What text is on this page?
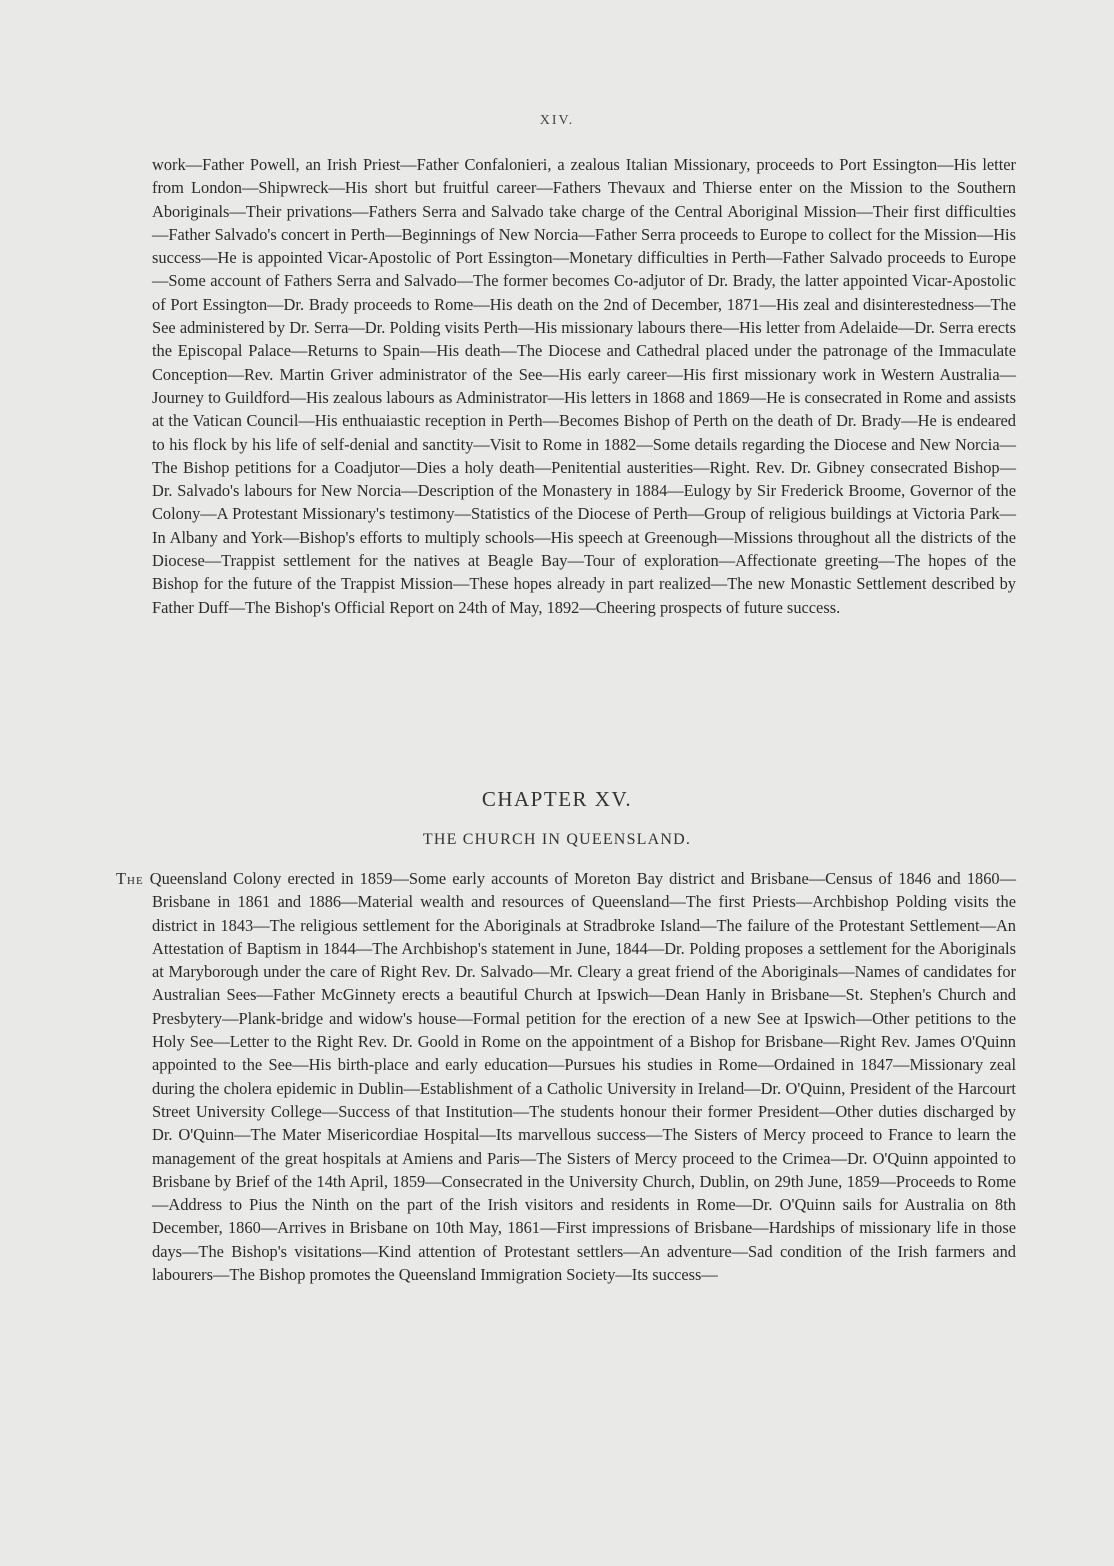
XIV.
work—Father Powell, an Irish Priest—Father Confalonieri, a zealous Italian Missionary, proceeds to Port Essington—His letter from London—Shipwreck—His short but fruitful career—Fathers Thevaux and Thierse enter on the Mission to the Southern Aboriginals—Their privations—Fathers Serra and Salvado take charge of the Central Aboriginal Mission—Their first difficulties—Father Salvado's concert in Perth—Beginnings of New Norcia—Father Serra proceeds to Europe to collect for the Mission—His success—He is appointed Vicar-Apostolic of Port Essington—Monetary difficulties in Perth—Father Salvado proceeds to Europe—Some account of Fathers Serra and Salvado—The former becomes Co-adjutor of Dr. Brady, the latter appointed Vicar-Apostolic of Port Essington—Dr. Brady proceeds to Rome—His death on the 2nd of December, 1871—His zeal and disinterestedness—The See administered by Dr. Serra—Dr. Polding visits Perth—His missionary labours there—His letter from Adelaide—Dr. Serra erects the Episcopal Palace—Returns to Spain—His death—The Diocese and Cathedral placed under the patronage of the Immaculate Conception—Rev. Martin Griver administrator of the See—His early career—His first missionary work in Western Australia—Journey to Guildford—His zealous labours as Administrator—His letters in 1868 and 1869—He is consecrated in Rome and assists at the Vatican Council—His enthuaiastic reception in Perth—Becomes Bishop of Perth on the death of Dr. Brady—He is endeared to his flock by his life of self-denial and sanctity—Visit to Rome in 1882—Some details regarding the Diocese and New Norcia—The Bishop petitions for a Coadjutor—Dies a holy death—Penitential austerities—Right. Rev. Dr. Gibney consecrated Bishop—Dr. Salvado's labours for New Norcia—Description of the Monastery in 1884—Eulogy by Sir Frederick Broome, Governor of the Colony—A Protestant Missionary's testimony—Statistics of the Diocese of Perth—Group of religious buildings at Victoria Park—In Albany and York—Bishop's efforts to multiply schools—His speech at Greenough—Missions throughout all the districts of the Diocese—Trappist settlement for the natives at Beagle Bay—Tour of exploration—Affectionate greeting—The hopes of the Bishop for the future of the Trappist Mission—These hopes already in part realized—The new Monastic Settlement described by Father Duff—The Bishop's Official Report on 24th of May, 1892—Cheering prospects of future success.
CHAPTER XV.
THE CHURCH IN QUEENSLAND.
The Queensland Colony erected in 1859—Some early accounts of Moreton Bay district and Brisbane—Census of 1846 and 1860—Brisbane in 1861 and 1886—Material wealth and resources of Queensland—The first Priests—Archbishop Polding visits the district in 1843—The religious settlement for the Aboriginals at Stradbroke Island—The failure of the Protestant Settlement—An Attestation of Baptism in 1844—The Archbishop's statement in June, 1844—Dr. Polding proposes a settlement for the Aboriginals at Maryborough under the care of Right Rev. Dr. Salvado—Mr. Cleary a great friend of the Aboriginals—Names of candidates for Australian Sees—Father McGinnety erects a beautiful Church at Ipswich—Dean Hanly in Brisbane—St. Stephen's Church and Presbytery—Plank-bridge and widow's house—Formal petition for the erection of a new See at Ipswich—Other petitions to the Holy See—Letter to the Right Rev. Dr. Goold in Rome on the appointment of a Bishop for Brisbane—Right Rev. James O'Quinn appointed to the See—His birth-place and early education—Pursues his studies in Rome—Ordained in 1847—Missionary zeal during the cholera epidemic in Dublin—Establishment of a Catholic University in Ireland—Dr. O'Quinn, President of the Harcourt Street University College—Success of that Institution—The students honour their former President—Other duties discharged by Dr. O'Quinn—The Mater Misericordiae Hospital—Its marvellous success—The Sisters of Mercy proceed to France to learn the management of the great hospitals at Amiens and Paris—The Sisters of Mercy proceed to the Crimea—Dr. O'Quinn appointed to Brisbane by Brief of the 14th April, 1859—Consecrated in the University Church, Dublin, on 29th June, 1859—Proceeds to Rome—Address to Pius the Ninth on the part of the Irish visitors and residents in Rome—Dr. O'Quinn sails for Australia on 8th December, 1860—Arrives in Brisbane on 10th May, 1861—First impressions of Brisbane—Hardships of missionary life in those days—The Bishop's visitations—Kind attention of Protestant settlers—An adventure—Sad condition of the Irish farmers and labourers—The Bishop promotes the Queensland Immigration Society—Its success—
